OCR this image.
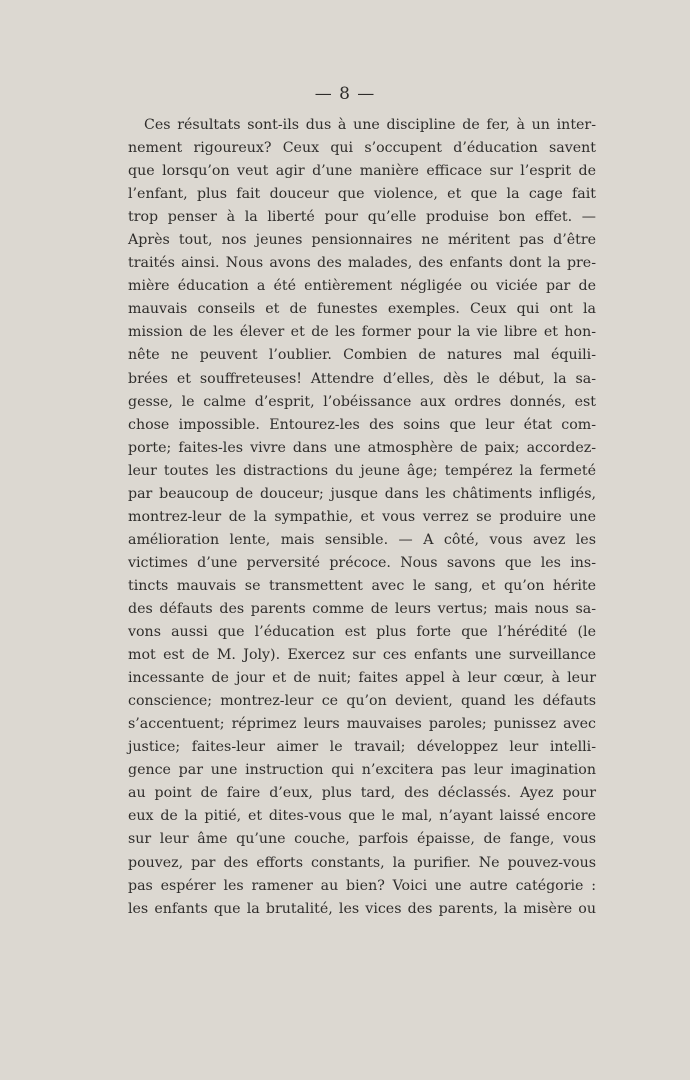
— 8 —
Ces résultats sont-ils dus à une discipline de fer, à un inter-
nement rigoureux? Ceux qui s’occupent d’éducation savent
que lorsqu’on veut agir d’une manière efficace sur l’esprit de
l’enfant, plus fait douceur que violence, et que la cage fait
trop penser à la liberté pour qu’elle produise bon effet. —
Après tout, nos jeunes pensionnaires ne méritent pas d’être
traités ainsi. Nous avons des malades, des enfants dont la pre-
mière éducation a été entièrement négligée ou viciée par de
mauvais conseils et de funestes exemples. Ceux qui ont la
mission de les élever et de les former pour la vie libre et hon-
nête ne peuvent l’oublier. Combien de natures mal équili-
brées et souffreteuses! Attendre d’elles, dès le début, la sa-
gesse, le calme d’esprit, l’obéissance aux ordres donnés, est
chose impossible. Entourez-les des soins que leur état com-
porte; faites-les vivre dans une atmosphère de paix; accordez-
leur toutes les distractions du jeune âge; tempérez la fermeté
par beaucoup de douceur; jusque dans les châtiments infligés,
montrez-leur de la sympathie, et vous verrez se produire une
amélioration lente, mais sensible. — A côté, vous avez les
victimes d’une perversité précoce. Nous savons que les ins-
tincts mauvais se transmettent avec le sang, et qu’on hérite
des défauts des parents comme de leurs vertus; mais nous sa-
vons aussi que l’éducation est plus forte que l’hérédité (le
mot est de M. Joly). Exercez sur ces enfants une surveillance
incessante de jour et de nuit; faites appel à leur cœur, à leur
conscience; montrez-leur ce qu’on devient, quand les défauts
s’accentuent; réprimez leurs mauvaises paroles; punissez avec
justice; faites-leur aimer le travail; développez leur intelli-
gence par une instruction qui n’excitera pas leur imagination
au point de faire d’eux, plus tard, des déclassés. Ayez pour
eux de la pitié, et dites-vous que le mal, n’ayant laissé encore
sur leur âme qu’une couche, parfois épaisse, de fange, vous
pouvez, par des efforts constants, la purifier. Ne pouvez-vous
pas espérer les ramener au bien? Voici une autre catégorie :
les enfants que la brutalité, les vices des parents, la misère ou
